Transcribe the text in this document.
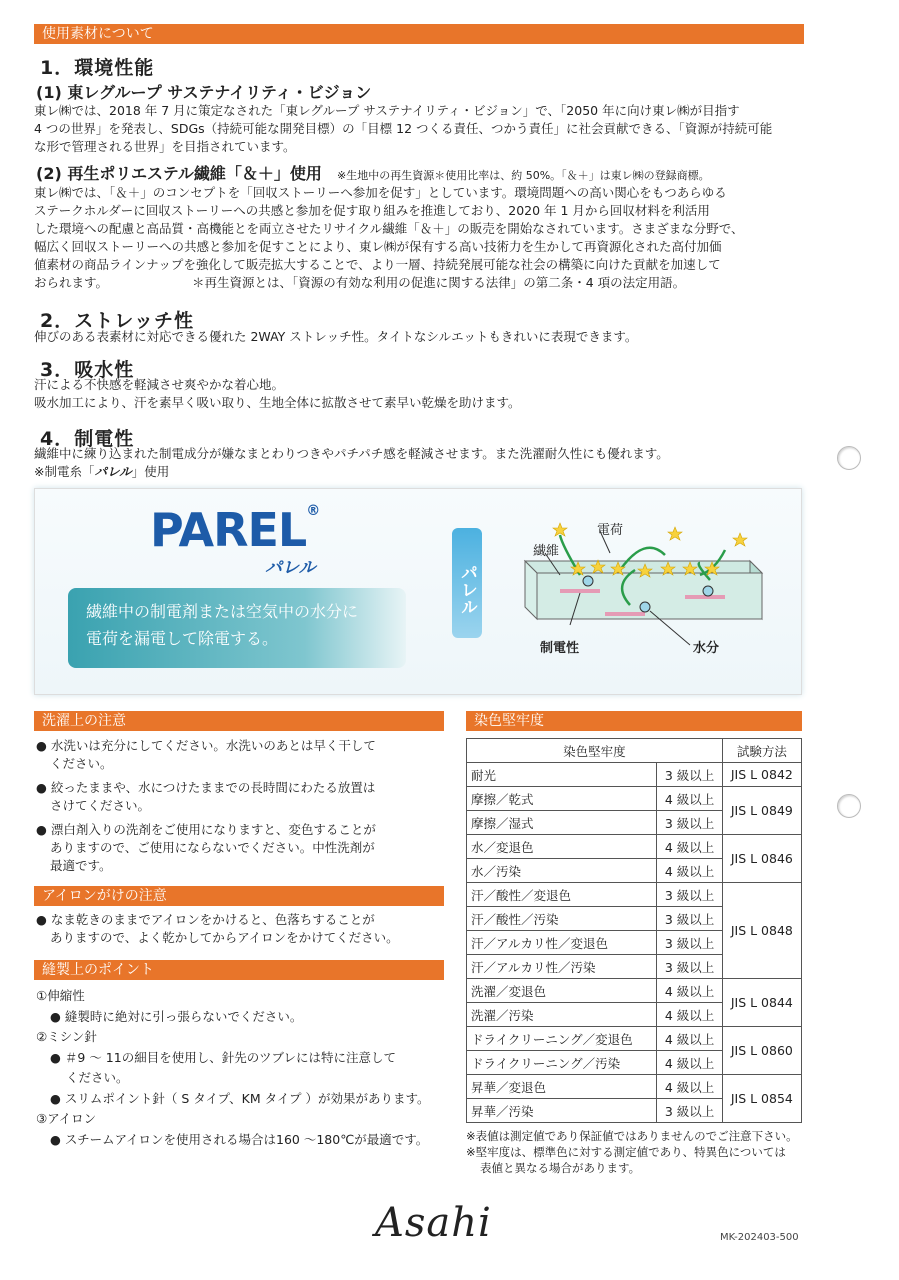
使用素材について
1．環境性能
(1) 東レグループ サステナイリティ・ビジョン
東レ㈱では、2018 年 7 月に策定なされた「東レグループ サステナイリティ・ビジョン」で、「2050 年に向け東レ㈱が目指す
4 つの世界」を発表し、SDGs（持続可能な開発目標）の「目標 12 つくる責任、つかう責任」に社会貢献できる、「資源が持続可能
な形で管理される世界」を目指されています。
(2) 再生ポリエステル繊維「＆＋」使用 ※生地中の再生資源＊使用比率は、約 50%。「＆＋」は東レ㈱の登録商標。
東レ㈱では、「＆＋」のコンセプトを「回収ストーリーへ参加を促す」としています。環境問題への高い関心をもつあらゆる
ステークホルダーに回収ストーリーへの共感と参加を促す取り組みを推進しており、2020 年 1 月から回収材料を利活用
した環境への配慮と高品質・高機能とを両立させたリサイクル繊維「＆＋」の販売を開始なされています。さまざまな分野で、
幅広く回収ストーリーへの共感と参加を促すことにより、東レ㈱が保有する高い技術力を生かして再資源化された高付加価
値素材の商品ラインナップを強化して販売拡大することで、より一層、持続発展可能な社会の構築に向けた貢献を加速して
おられます。	＊再生資源とは、「資源の有効な利用の促進に関する法律」の第二条・4 項の法定用語。
2．ストレッチ性
伸びのある表素材に対応できる優れた 2WAY ストレッチ性。タイトなシルエットもきれいに表現できます。
3．吸水性
汗による不快感を軽減させ爽やかな着心地。
吸水加工により、汗を素早く吸い取り、生地全体に拡散させて素早い乾燥を助けます。
4．制電性
繊維中に練り込まれた制電成分が嫌なまとわりつきやパチパチ感を軽減させます。また洗濯耐久性にも優れます。
※制電糸「パレル」使用
PAREL®
パレル
繊維中の制電剤または空気中の水分に
電荷を漏電して除電する。
パレル
電荷
繊維
制電性	水分
洗濯上の注意
● 水洗いは充分にしてください。水洗いのあとは早く干して
ください。
● 絞ったままや、水につけたままでの長時間にわたる放置は
さけてください。
● 漂白剤入りの洗剤をご使用になりますと、変色することが
ありますので、ご使用にならないでください。中性洗剤が
最適です。
アイロンがけの注意
● なま乾きのままでアイロンをかけると、色落ちすることが
ありますので、よく乾かしてからアイロンをかけてください。
縫製上のポイント
①伸縮性
● 縫製時に絶対に引っ張らないでください。
②ミシン針
● ＃9 〜 11の細目を使用し、針先のツブレには特に注意して
ください。
● スリムポイント針（ S タイプ、KM タイプ ）が効果があります。
③アイロン
● スチームアイロンを使用される場合は160 〜180℃が最適です。
染色堅牢度
染色堅牢度		試験方法
耐光	3 級以上	JIS L 0842
摩擦／乾式	4 級以上	JIS L 0849
摩擦／湿式	3 級以上	
水／変退色	4 級以上	JIS L 0846
水／汚染	4 級以上	
汗／酸性／変退色	3 級以上	JIS L 0848
汗／酸性／汚染	3 級以上	
汗／アルカリ性／変退色	3 級以上	
汗／アルカリ性／汚染	3 級以上	
洗濯／変退色	4 級以上	JIS L 0844
洗濯／汚染	4 級以上	
ドライクリーニング／変退色	4 級以上	JIS L 0860
ドライクリーニング／汚染	4 級以上	
昇華／変退色	4 級以上	JIS L 0854
昇華／汚染	3 級以上	
※表値は測定値であり保証値ではありませんのでご注意下さい。
※堅牢度は、標準色に対する測定値であり、特異色については
表値と異なる場合があります。
Asahi	MK-202403-500
